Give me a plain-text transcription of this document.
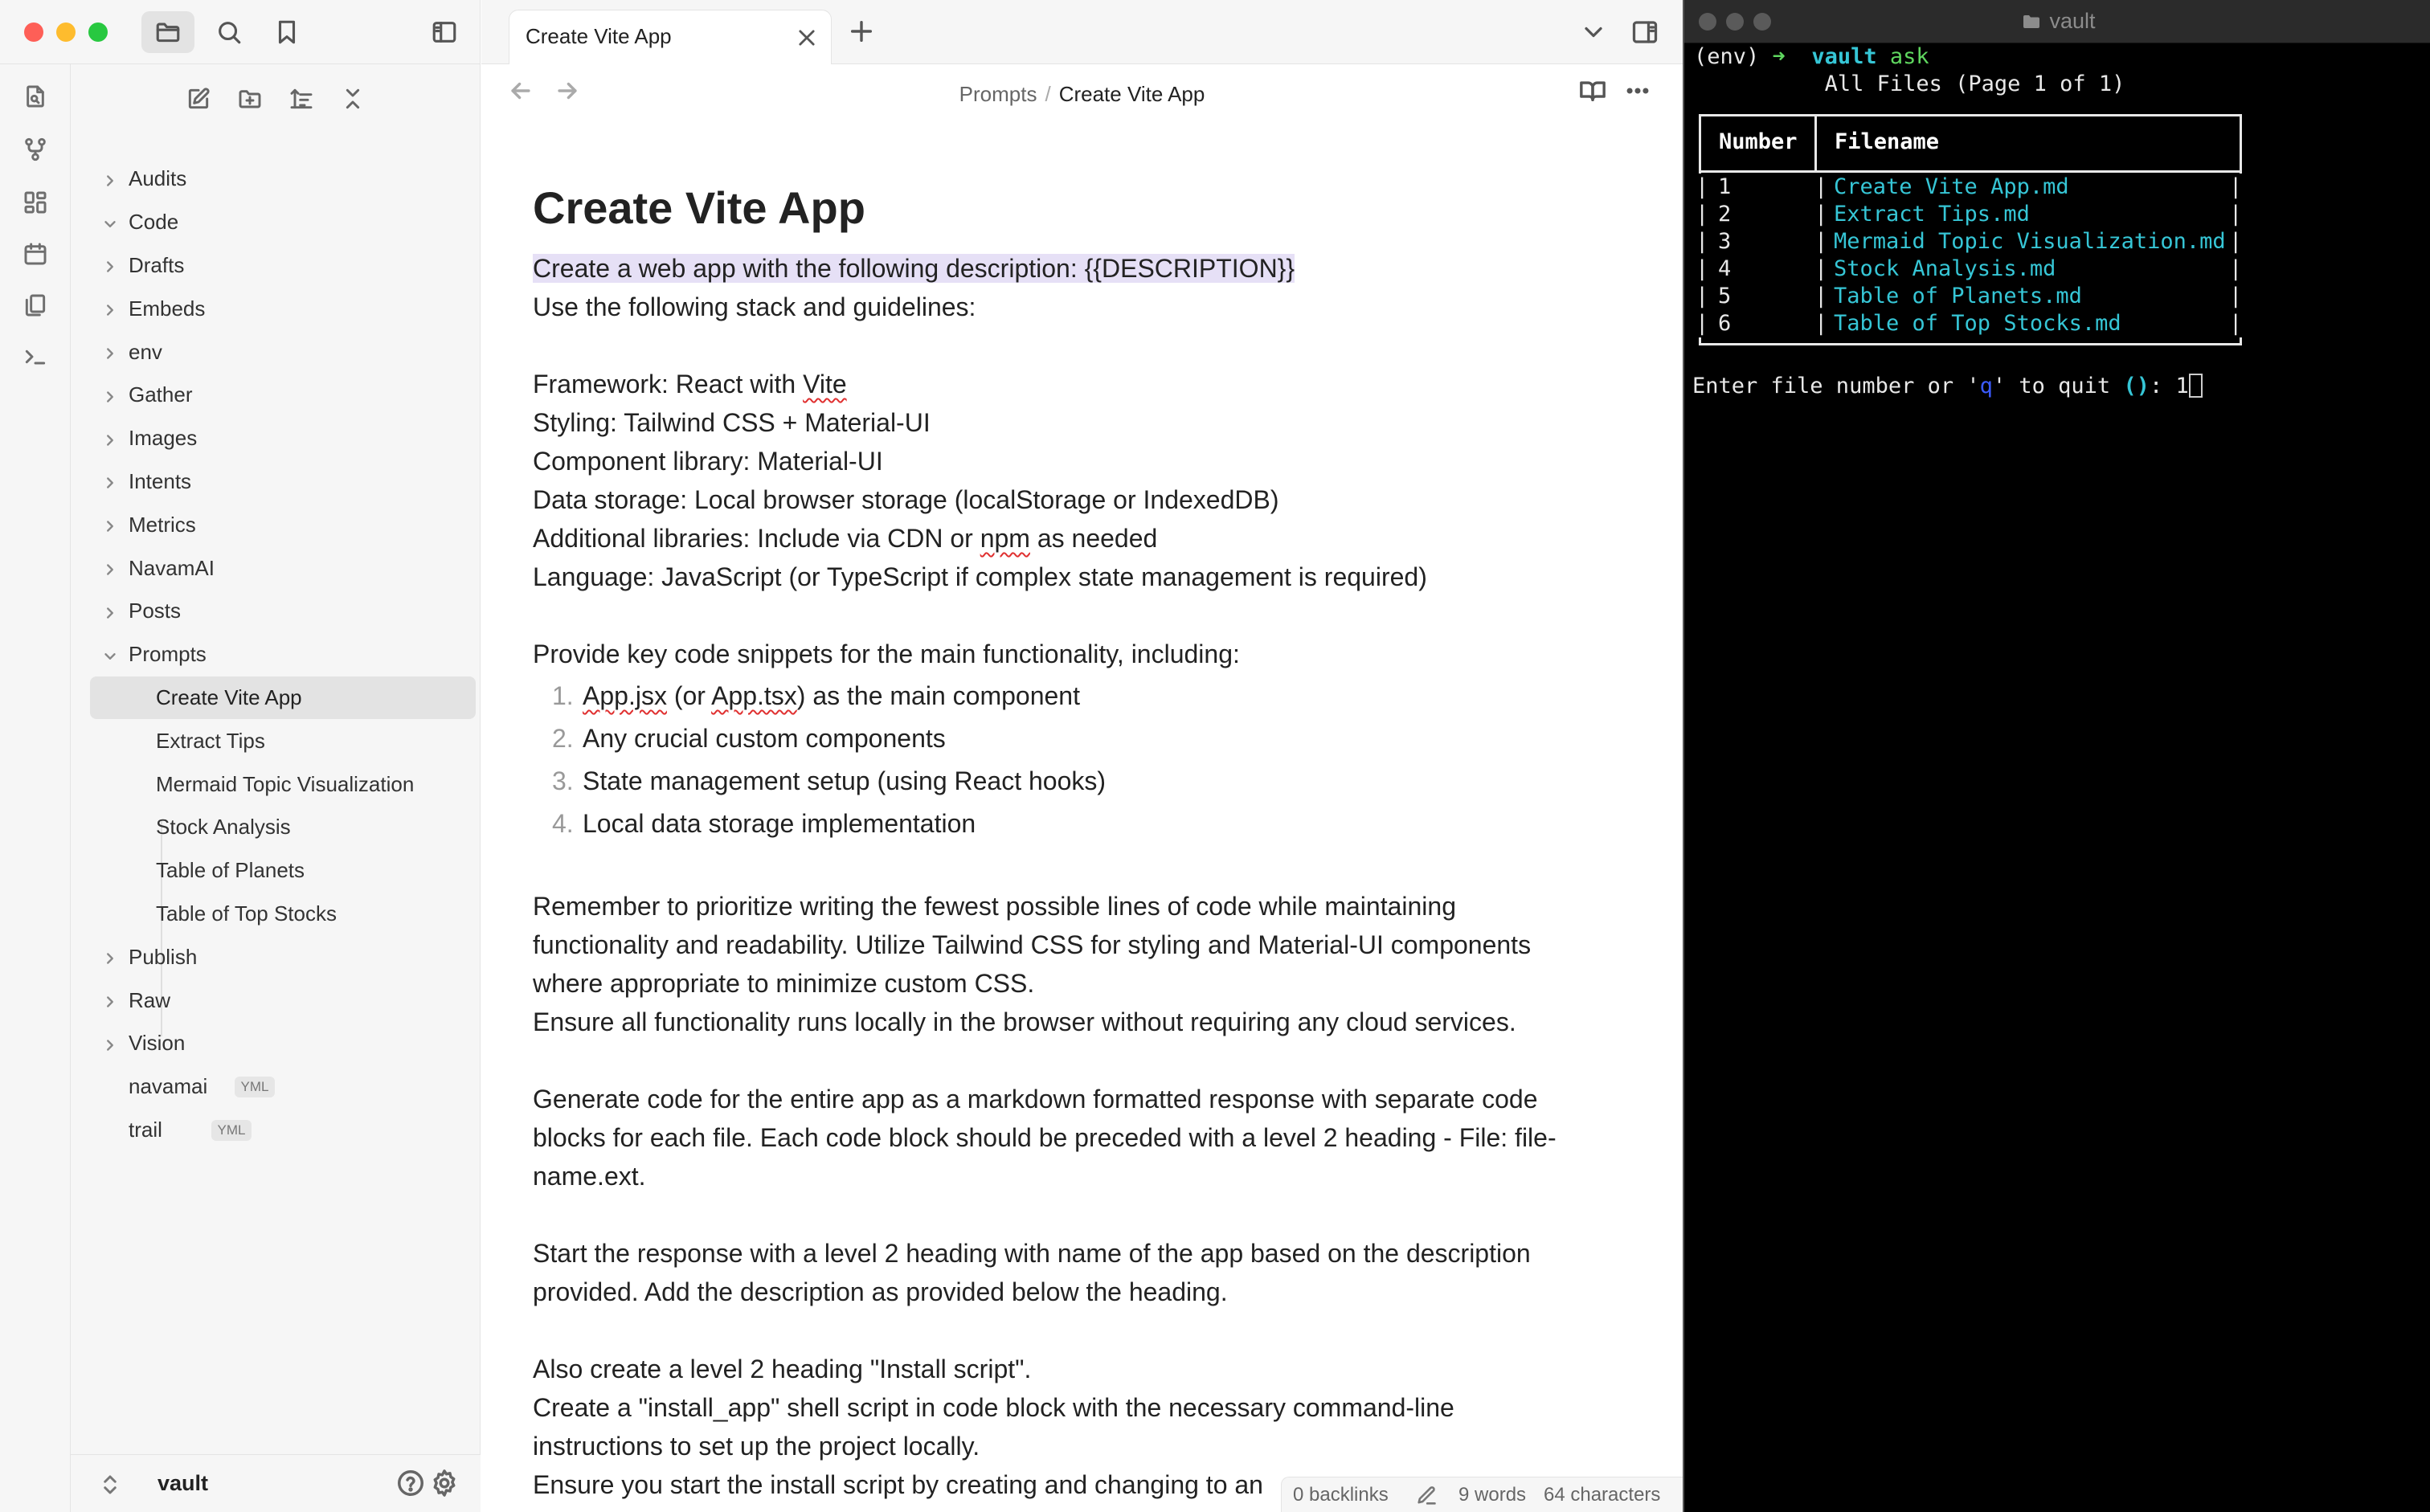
Audits
Code
Drafts
Embeds
env
Gather
Images
Intents
Metrics
NavamAI
Posts
Prompts
Create Vite App
Extract Tips
Mermaid Topic Visualization
Stock Analysis
Table of Planets
Table of Top Stocks
Publish
Raw
Vision
navamai	YML
trail	YML
vault
Create Vite App
Prompts / Create Vite App
Create Vite App
Create a web app with the following description: {{DESCRIPTION}}
Use the following stack and guidelines:
Framework: React with Vite
Styling: Tailwind CSS + Material-UI
Component library: Material-UI
Data storage: Local browser storage (localStorage or IndexedDB)
Additional libraries: Include via CDN or npm as needed
Language: JavaScript (or TypeScript if complex state management is required)
Provide key code snippets for the main functionality, including:
1. App.jsx (or App.tsx) as the main component
2. Any crucial custom components
3. State management setup (using React hooks)
4. Local data storage implementation
Remember to prioritize writing the fewest possible lines of code while maintaining
functionality and readability. Utilize Tailwind CSS for styling and Material-UI components
where appropriate to minimize custom CSS.
Ensure all functionality runs locally in the browser without requiring any cloud services.
Generate code for the entire app as a markdown formatted response with separate code
blocks for each file. Each code block should be preceded with a level 2 heading - File: file-
name.ext.
Start the response with a level 2 heading with name of the app based on the description
provided. Add the description as provided below the heading.
Also create a level 2 heading "Install script".
Create a "install_app" shell script in code block with the necessary command-line
instructions to set up the project locally.
Ensure you start the install script by creating and changing to an	0 backlinks	9 words 64 characters
vault
(env) ➜ vault ask
All Files (Page 1 of 1)
Number	Filename
| 1	| Create Vite App.md	|
| 2	| Extract Tips.md	|
| 3	| Mermaid Topic Visualization.md |
| 4	| Stock Analysis.md	|
| 5	| Table of Planets.md	|
| 6	| Table of Top Stocks.md	|
Enter file number or 'q' to quit (): 1
